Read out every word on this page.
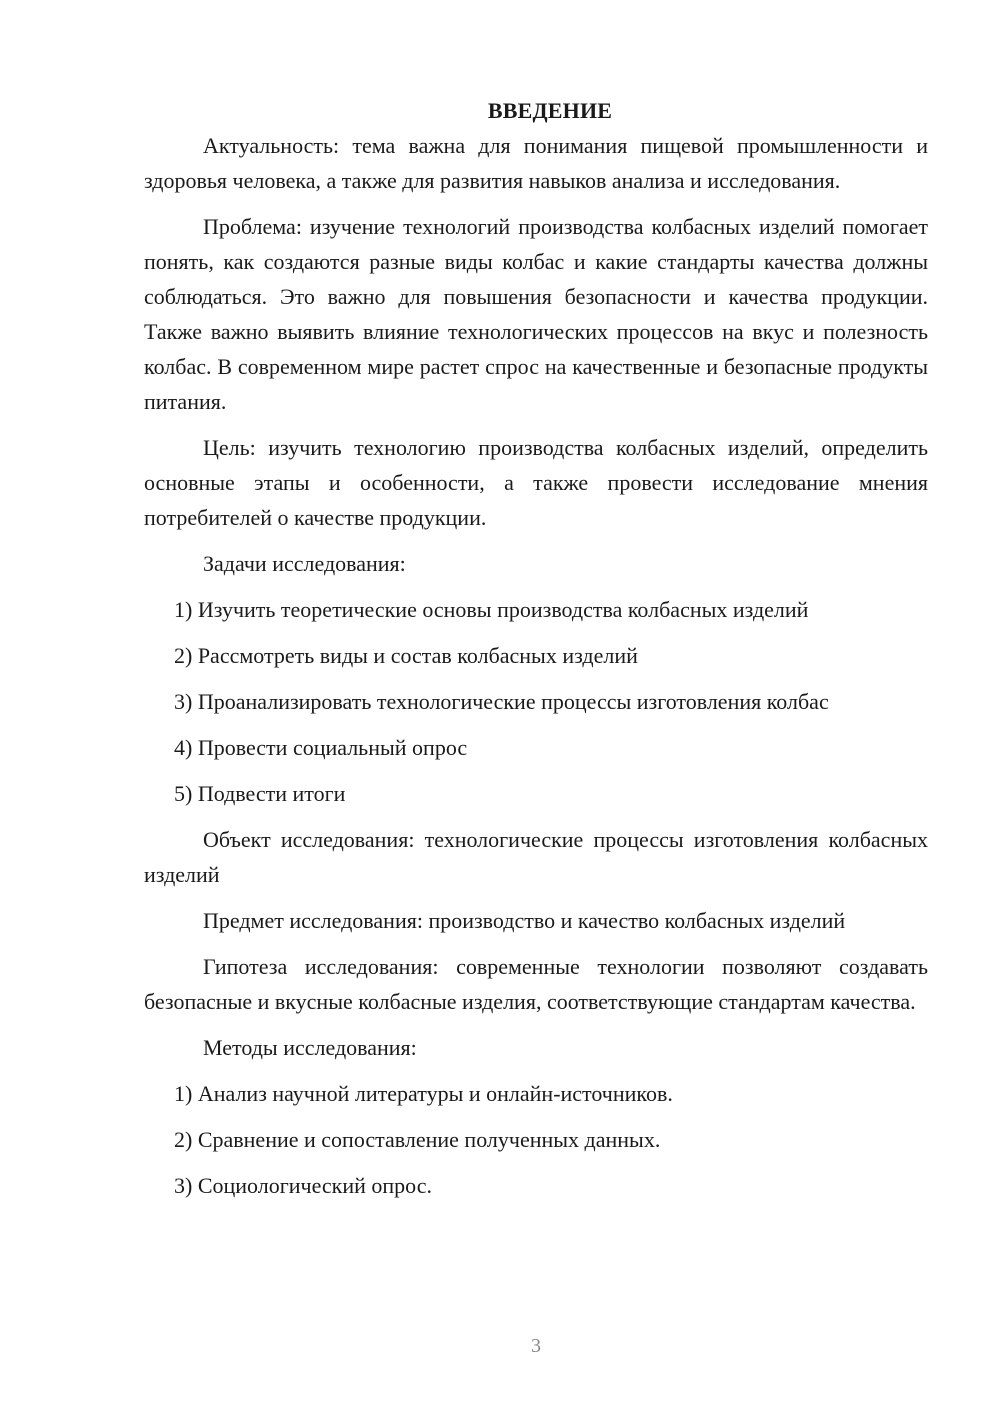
ВВЕДЕНИЕ

Актуальность: тема важна для понимания пищевой промышленности и здоровья человека, а также для развития навыков анализа и исследования.

Проблема: изучение технологий производства колбасных изделий помогает понять, как создаются разные виды колбас и какие стандарты качества должны соблюдаться. Это важно для повышения безопасности и качества продукции. Также важно выявить влияние технологических процессов на вкус и полезность колбас. В современном мире растет спрос на качественные и безопасные продукты питания.

Цель: изучить технологию производства колбасных изделий, определить основные этапы и особенности, а также провести исследование мнения потребителей о качестве продукции.

Задачи исследования:

1) Изучить теоретические основы производства колбасных изделий

2) Рассмотреть виды и состав колбасных изделий

3) Проанализировать технологические процессы изготовления колбас

4) Провести социальный опрос

5) Подвести итоги

Объект исследования: технологические процессы изготовления колбасных изделий

Предмет исследования: производство и качество колбасных изделий

Гипотеза исследования: современные технологии позволяют создавать безопасные и вкусные колбасные изделия, соответствующие стандартам качества.

Методы исследования:

1) Анализ научной литературы и онлайн-источников.

2) Сравнение и сопоставление полученных данных.

3) Социологический опрос.

3
